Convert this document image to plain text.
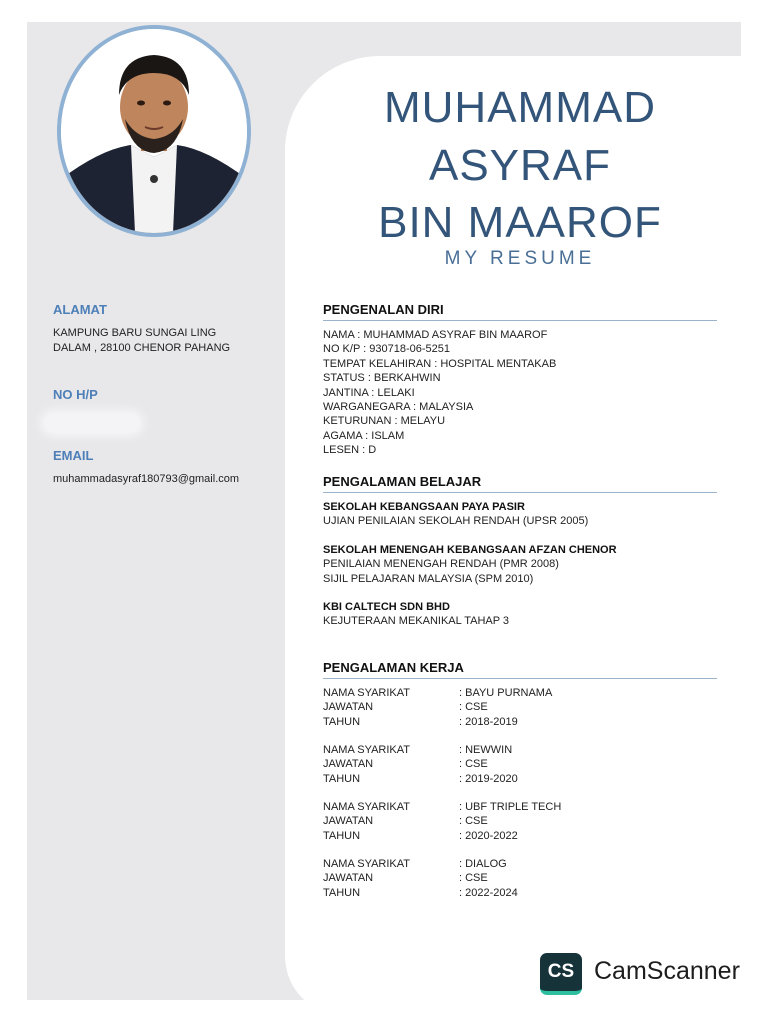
MUHAMMAD
ASYRAF
BIN MAAROF
MY RESUME
ALAMAT
KAMPUNG BARU SUNGAI LING
DALAM , 28100 CHENOR PAHANG
NO H/P
EMAIL
muhammadasyraf180793@gmail.com
PENGENALAN DIRI
NAMA : MUHAMMAD ASYRAF BIN MAAROF
NO K/P : 930718-06-5251
TEMPAT KELAHIRAN : HOSPITAL MENTAKAB
STATUS : BERKAHWIN
JANTINA : LELAKI
WARGANEGARA : MALAYSIA
KETURUNAN : MELAYU
AGAMA : ISLAM
LESEN : D
PENGALAMAN BELAJAR
SEKOLAH KEBANGSAAN PAYA PASIR
UJIAN PENILAIAN SEKOLAH RENDAH (UPSR 2005)
SEKOLAH MENENGAH KEBANGSAAN AFZAN CHENOR
PENILAIAN MENENGAH RENDAH (PMR 2008)
SIJIL PELAJARAN MALAYSIA (SPM 2010)
KBI CALTECH SDN BHD
KEJUTERAAN MEKANIKAL TAHAP 3
PENGALAMAN KERJA
NAMA SYARIKAT	: BAYU PURNAMA
JAWATAN	: CSE
TAHUN	: 2018-2019
NAMA SYARIKAT	: NEWWIN
JAWATAN	: CSE
TAHUN	: 2019-2020
NAMA SYARIKAT	: UBF TRIPLE TECH
JAWATAN	: CSE
TAHUN	: 2020-2022
NAMA SYARIKAT	: DIALOG
JAWATAN	: CSE
TAHUN	: 2022-2024
CS CamScanner
